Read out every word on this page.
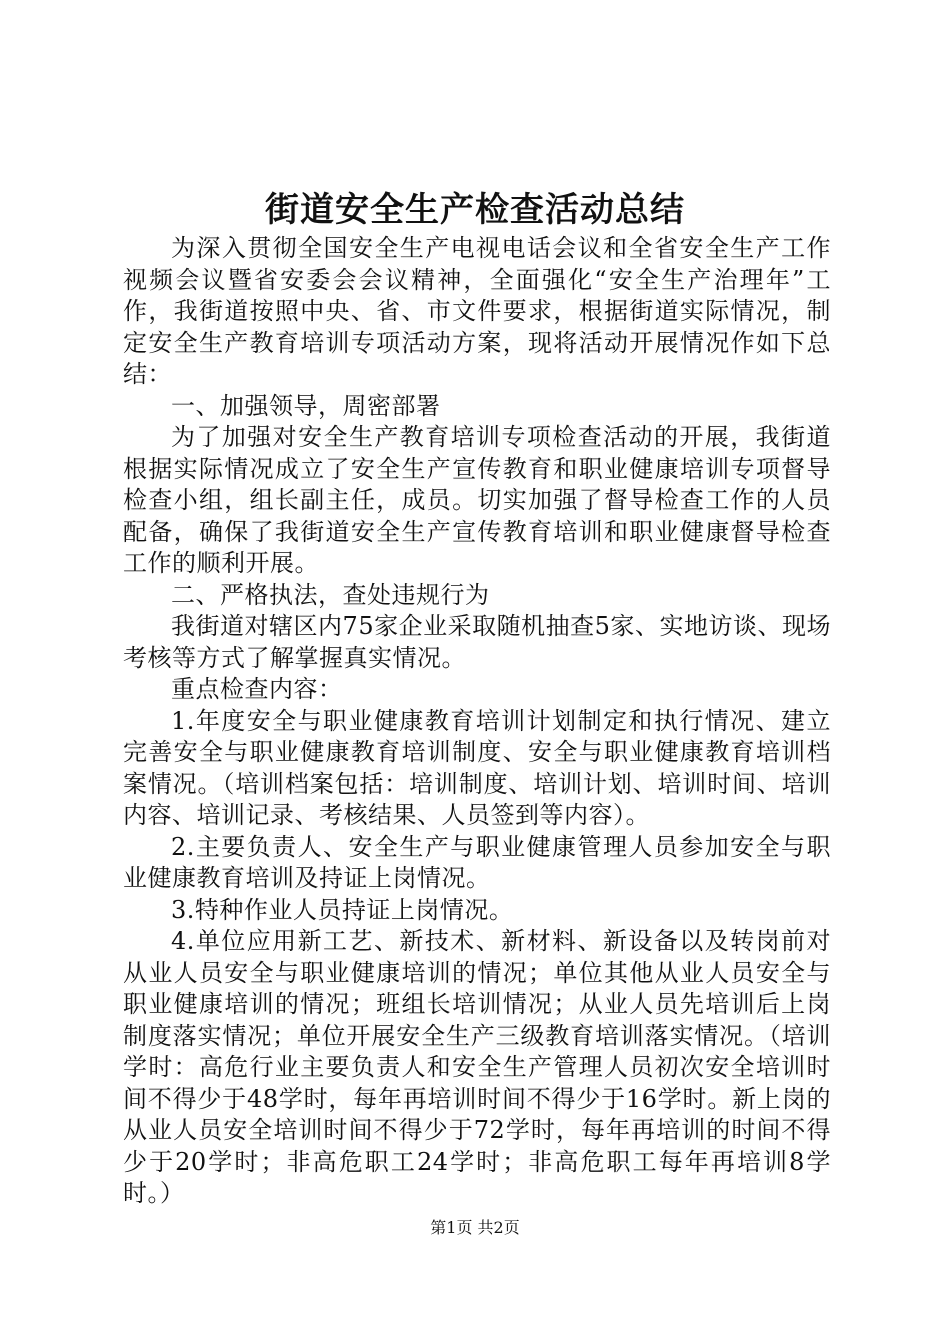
街道安全生产检查活动总结

为深入贯彻全国安全生产电视电话会议和全省安全生产工作视频会议暨省安委会会议精神，全面强化“安全生产治理年”工作，我街道按照中央、省、市文件要求，根据街道实际情况，制定安全生产教育培训专项活动方案，现将活动开展情况作如下总结：

一、加强领导，周密部署

为了加强对安全生产教育培训专项检查活动的开展，我街道根据实际情况成立了安全生产宣传教育和职业健康培训专项督导检查小组，组长副主任，成员。切实加强了督导检查工作的人员配备，确保了我街道安全生产宣传教育培训和职业健康督导检查工作的顺利开展。

二、严格执法，查处违规行为

我街道对辖区内75家企业采取随机抽查5家、实地访谈、现场考核等方式了解掌握真实情况。

重点检查内容：

1.年度安全与职业健康教育培训计划制定和执行情况、建立完善安全与职业健康教育培训制度、安全与职业健康教育培训档案情况。（培训档案包括：培训制度、培训计划、培训时间、培训内容、培训记录、考核结果、人员签到等内容）。

2.主要负责人、安全生产与职业健康管理人员参加安全与职业健康教育培训及持证上岗情况。

3.特种作业人员持证上岗情况。

4.单位应用新工艺、新技术、新材料、新设备以及转岗前对从业人员安全与职业健康培训的情况；单位其他从业人员安全与职业健康培训的情况；班组长培训情况；从业人员先培训后上岗制度落实情况；单位开展安全生产三级教育培训落实情况。（培训学时：高危行业主要负责人和安全生产管理人员初次安全培训时间不得少于48学时，每年再培训时间不得少于16学时。新上岗的从业人员安全培训时间不得少于72学时，每年再培训的时间不得少于20学时；非高危职工24学时；非高危职工每年再培训8学时。）

第1页 共2页
